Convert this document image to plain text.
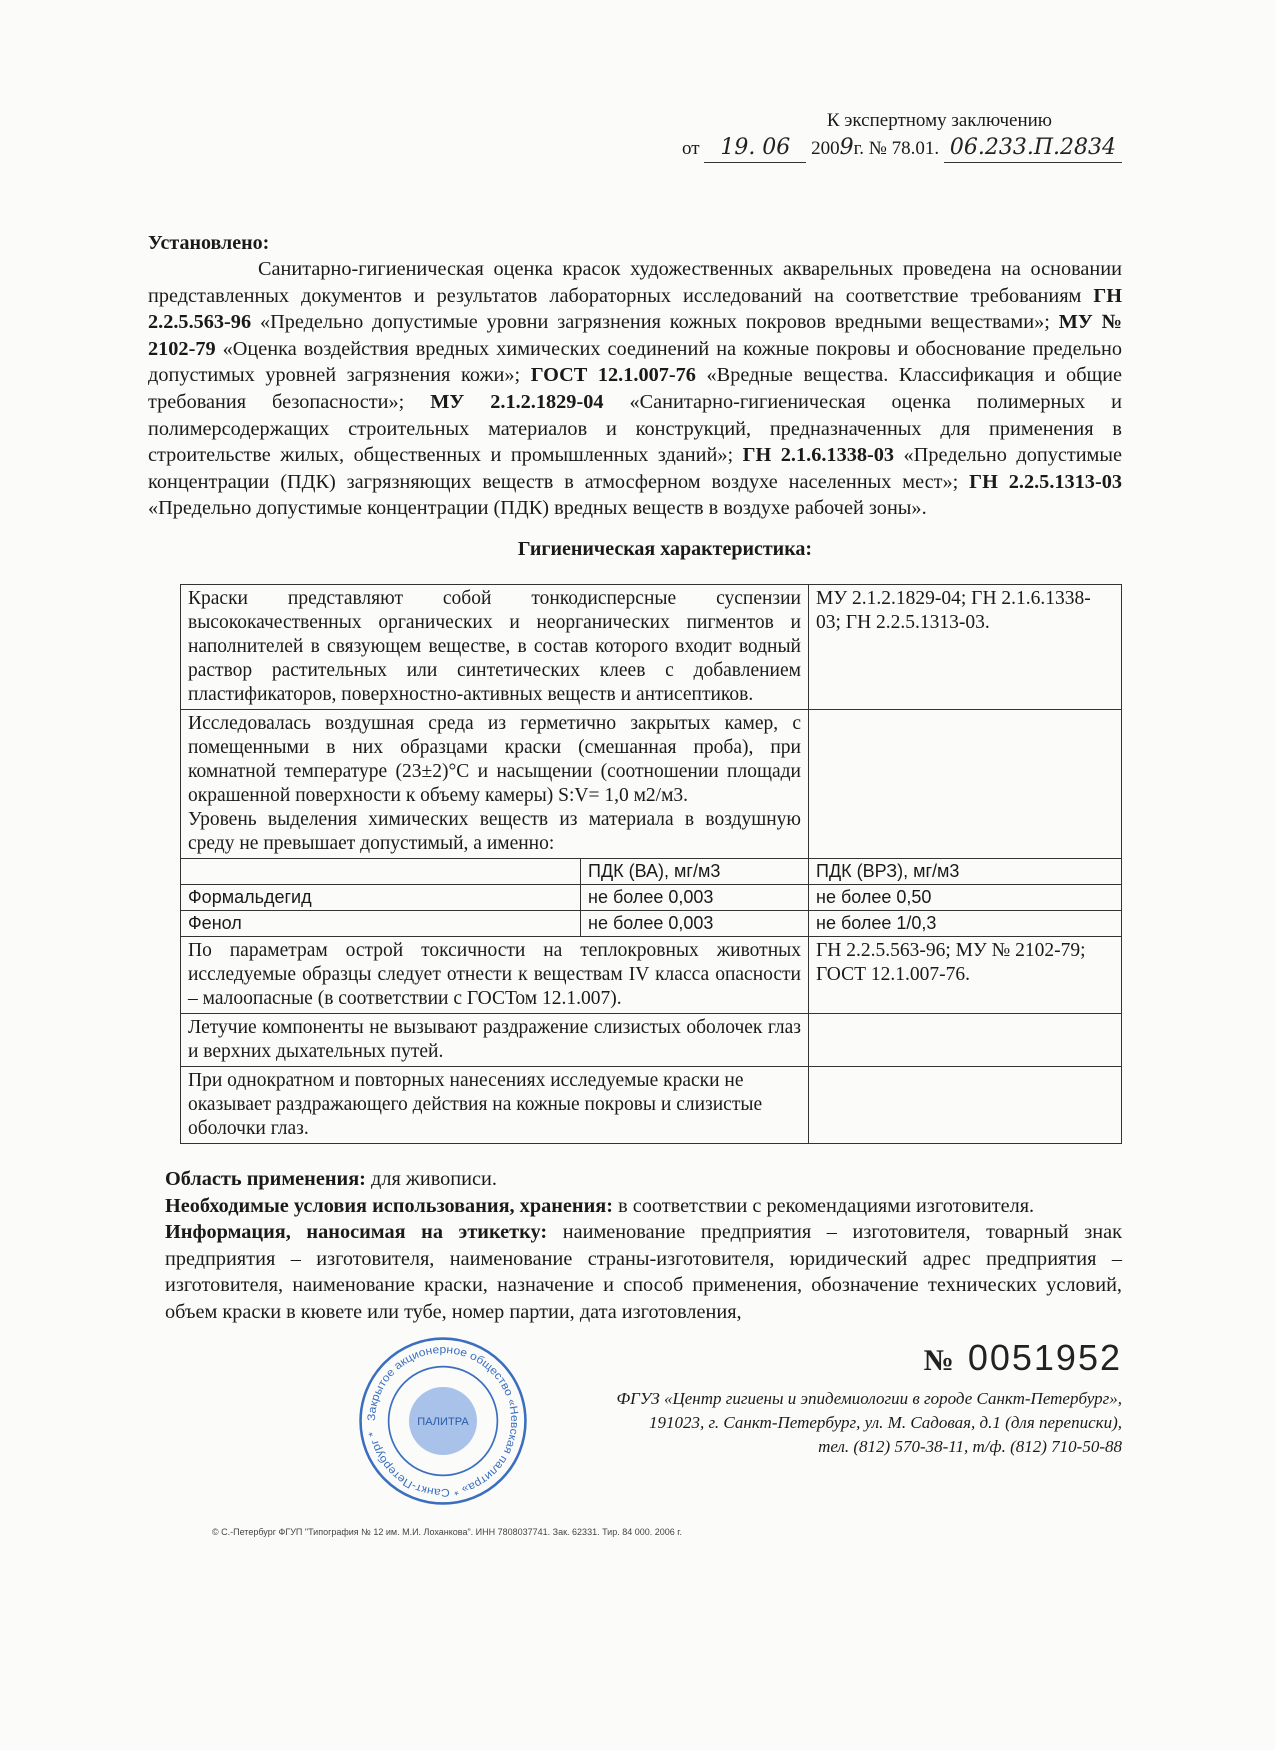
К экспертному заключению
от 19. 06 2009г. № 78.01. 06.233.П.2834
Установлено:
Санитарно-гигиеническая оценка красок художественных акварельных проведена на основании представленных документов и результатов лабораторных исследований на соответствие требованиям ГН 2.2.5.563-96 «Предельно допустимые уровни загрязнения кожных покровов вредными веществами»; МУ № 2102-79 «Оценка воздействия вредных химических соединений на кожные покровы и обоснование предельно допустимых уровней загрязнения кожи»; ГОСТ 12.1.007-76 «Вредные вещества. Классификация и общие требования безопасности»; МУ 2.1.2.1829-04 «Санитарно-гигиеническая оценка полимерных и полимерсодержащих строительных материалов и конструкций, предназначенных для применения в строительстве жилых, общественных и промышленных зданий»; ГН 2.1.6.1338-03 «Предельно допустимые концентрации (ПДК) загрязняющих веществ в атмосферном воздухе населенных мест»; ГН 2.2.5.1313-03 «Предельно допустимые концентрации (ПДК) вредных веществ в воздухе рабочей зоны».
Гигиеническая характеристика:
Краски представляют собой тонкодисперсные суспензии высококачественных органических и неорганических пигментов и наполнителей в связующем веществе, в состав которого входит водный раствор растительных или синтетических клеев с добавлением пластификаторов, поверхностно-активных веществ и антисептиков.		МУ 2.1.2.1829-04; ГН 2.1.6.1338-03; ГН 2.2.5.1313-03.

Исследовалась воздушная среда из герметично закрытых камер, с помещенными в них образцами краски (смешанная проба), при комнатной температуре (23±2)°С и насыщении (соотношении площади окрашенной поверхности к объему камеры) S:V= 1,0 м2/м3.
Уровень выделения химических веществ из материала в воздушную среду не превышает допустимый, а именно:		

	ПДК (ВА), мг/м3	ПДК (ВРЗ), мг/м3
Формальдегид	не более 0,003	не более 0,50
Фенол	не более 0,003	не более 1/0,3
По параметрам острой токсичности на теплокровных животных исследуемые образцы следует отнести к веществам IV класса опасности – малоопасные (в соответствии с ГОСТом 12.1.007).		ГН 2.2.5.563-96; МУ № 2102-79; ГОСТ 12.1.007-76.
Летучие компоненты не вызывают раздражение слизистых оболочек глаз и верхних дыхательных путей.		
При однократном и повторных нанесениях исследуемые краски не оказывает раздражающего действия на кожные покровы и слизистые оболочки глаз.		
Область применения: для живописи.
Необходимые условия использования, хранения: в соответствии с рекомендациями изготовителя.
Информация, наносимая на этикетку: наименование предприятия – изготовителя, товарный знак предприятия – изготовителя, наименование страны-изготовителя, юридический адрес предприятия – изготовителя, наименование краски, назначение и способ применения, обозначение технических условий, объем краски в кювете или тубе, номер партии, дата изготовления,
Закрытое акционерное общество «Невская палитра» * Санкт-Петербург *
ПАЛИТРА
№ 0051952
ФГУЗ «Центр гигиены и эпидемиологии в городе Санкт-Петербург»,
191023, г. Санкт-Петербург, ул. М. Садовая, д.1 (для переписки),
тел. (812) 570-38-11, т/ф. (812) 710-50-88
© С.-Петербург ФГУП "Типография № 12 им. М.И. Лоханкова". ИНН 7808037741. Зак. 62331. Тир. 84 000. 2006 г.
